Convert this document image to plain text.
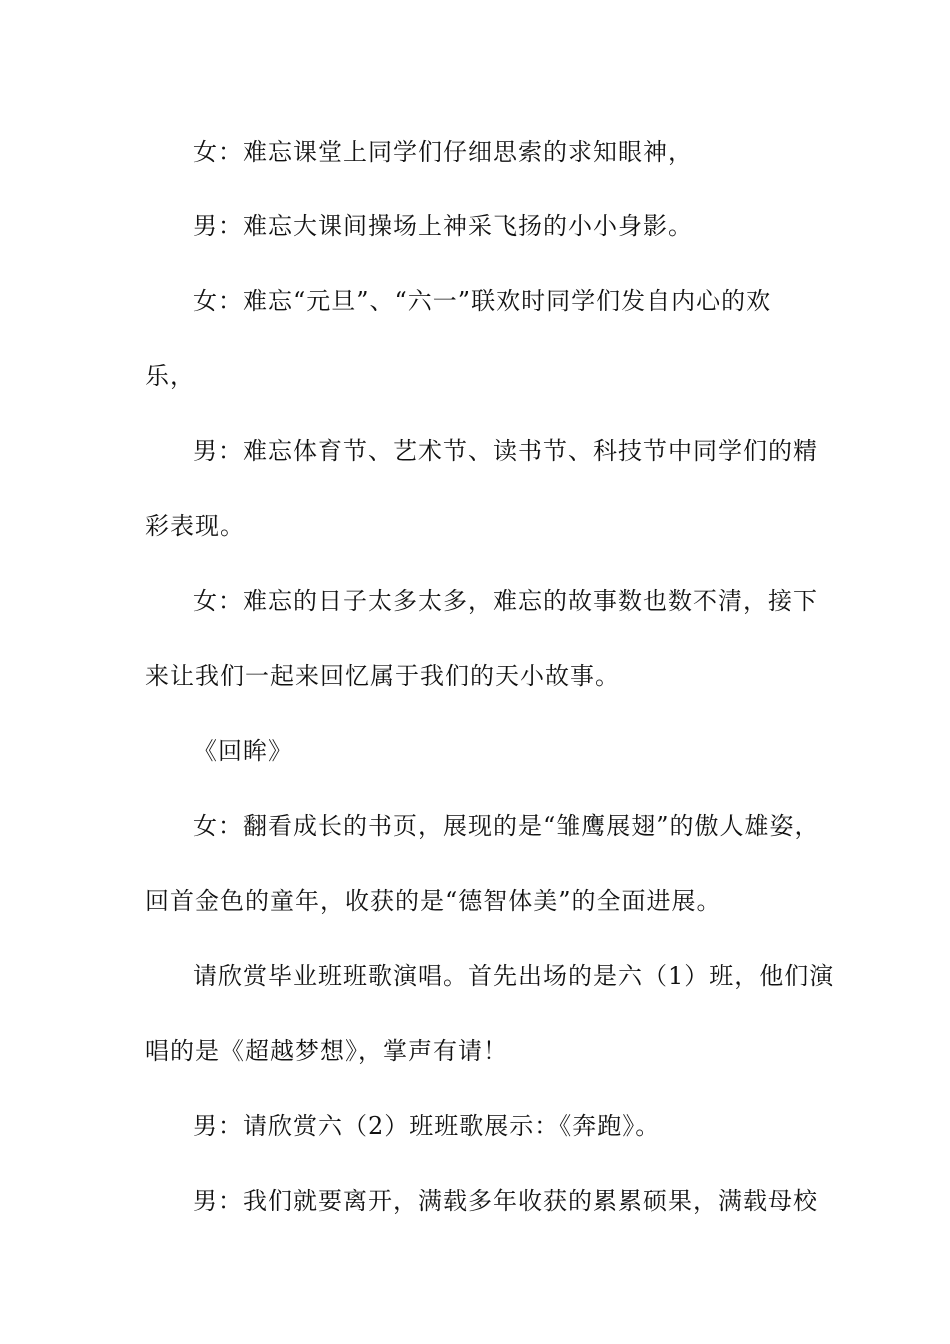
女：难忘课堂上同学们仔细思索的求知眼神，
男：难忘大课间操场上神采飞扬的小小身影。
女：难忘“元旦”、“六一”联欢时同学们发自内心的欢
乐，
男：难忘体育节、艺术节、读书节、科技节中同学们的精
彩表现。
女：难忘的日子太多太多，难忘的故事数也数不清，接下
来让我们一起来回忆属于我们的天小故事。
《回眸》
女：翻看成长的书页，展现的是“雏鹰展翅”的傲人雄姿，
回首金色的童年，收获的是“德智体美”的全面进展。
请欣赏毕业班班歌演唱。首先出场的是六（1）班，他们演
唱的是《超越梦想》，掌声有请！
男：请欣赏六（2）班班歌展示：《奔跑》。
男：我们就要离开，满载多年收获的累累硕果，满载母校
